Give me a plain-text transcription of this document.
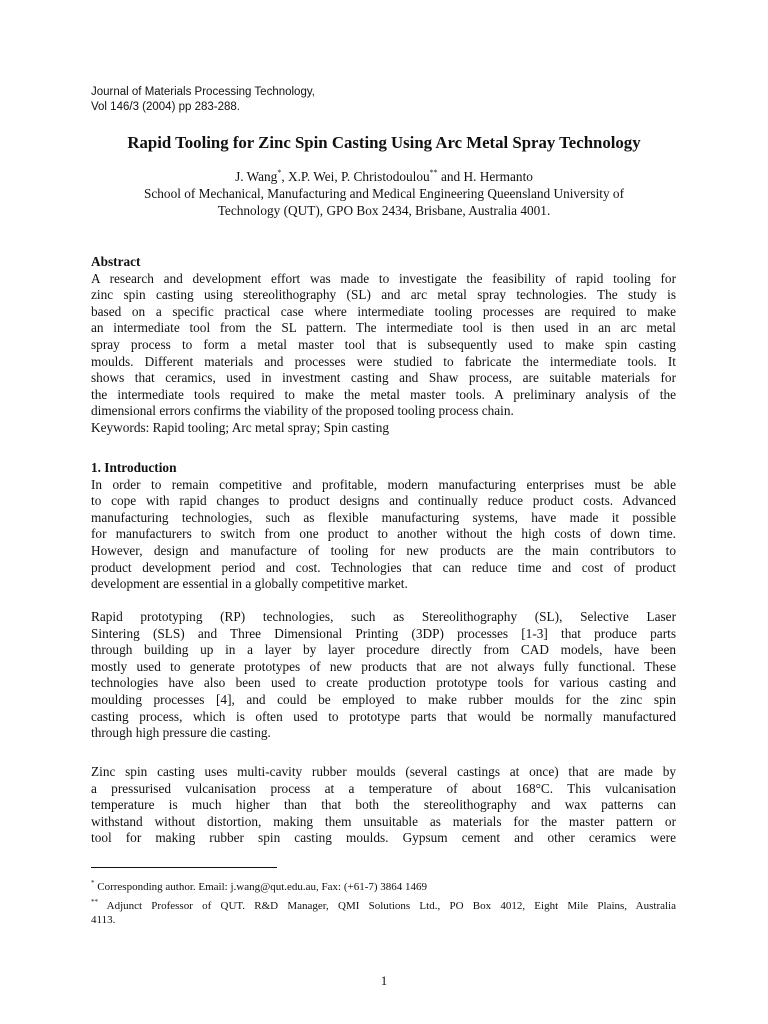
Journal of Materials Processing Technology,
Vol 146/3 (2004) pp 283-288.
Rapid Tooling for Zinc Spin Casting Using Arc Metal Spray Technology
J. Wang*, X.P. Wei, P. Christodoulou** and H. Hermanto
School of Mechanical, Manufacturing and Medical Engineering Queensland University of
Technology (QUT), GPO Box 2434, Brisbane, Australia 4001.
Abstract
A research and development effort was made to investigate the feasibility of rapid tooling for
zinc spin casting using stereolithography (SL) and arc metal spray technologies. The study is
based on a specific practical case where intermediate tooling processes are required to make
an intermediate tool from the SL pattern. The intermediate tool is then used in an arc metal
spray process to form a metal master tool that is subsequently used to make spin casting
moulds. Different materials and processes were studied to fabricate the intermediate tools. It
shows that ceramics, used in investment casting and Shaw process, are suitable materials for
the intermediate tools required to make the metal master tools. A preliminary analysis of the
dimensional errors confirms the viability of the proposed tooling process chain.
Keywords: Rapid tooling; Arc metal spray; Spin casting
1. Introduction
In order to remain competitive and profitable, modern manufacturing enterprises must be able
to cope with rapid changes to product designs and continually reduce product costs. Advanced
manufacturing technologies, such as flexible manufacturing systems, have made it possible
for manufacturers to switch from one product to another without the high costs of down time.
However, design and manufacture of tooling for new products are the main contributors to
product development period and cost. Technologies that can reduce time and cost of product
development are essential in a globally competitive market.
Rapid prototyping (RP) technologies, such as Stereolithography (SL), Selective Laser
Sintering (SLS) and Three Dimensional Printing (3DP) processes [1-3] that produce parts
through building up in a layer by layer procedure directly from CAD models, have been
mostly used to generate prototypes of new products that are not always fully functional. These
technologies have also been used to create production prototype tools for various casting and
moulding processes [4], and could be employed to make rubber moulds for the zinc spin
casting process, which is often used to prototype parts that would be normally manufactured
through high pressure die casting.
Zinc spin casting uses multi-cavity rubber moulds (several castings at once) that are made by
a pressurised vulcanisation process at a temperature of about 168°C. This vulcanisation
temperature is much higher than that both the stereolithography and wax patterns can
withstand without distortion, making them unsuitable as materials for the master pattern or
tool for making rubber spin casting moulds. Gypsum cement and other ceramics were
* Corresponding author. Email: j.wang@qut.edu.au, Fax: (+61-7) 3864 1469
** Adjunct Professor of QUT. R&D Manager, QMI Solutions Ltd., PO Box 4012, Eight Mile Plains, Australia
4113.
1
